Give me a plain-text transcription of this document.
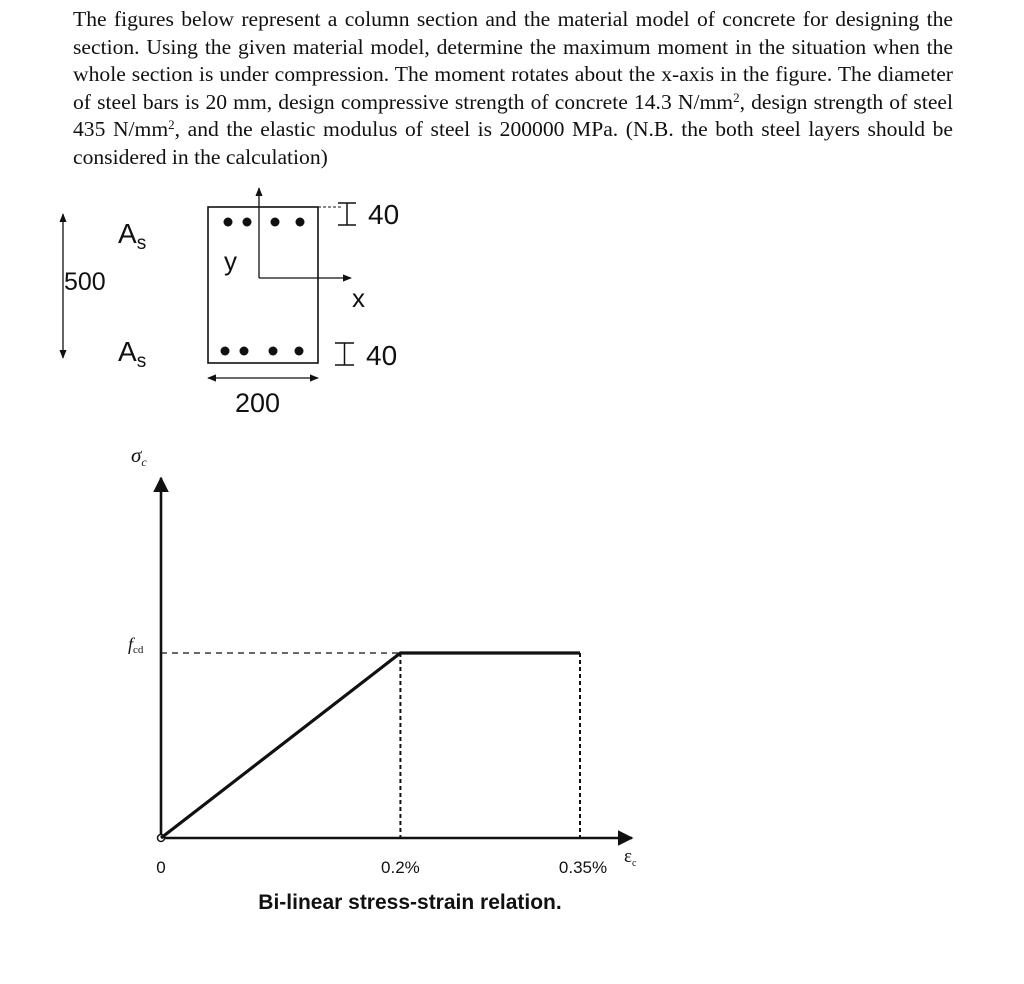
The figures below represent a column section and the material model of concrete for designing the section. Using the given material model, determine the maximum moment in the situation when the whole section is under compression. The moment rotates about the x-axis in the figure. The diameter of steel bars is 20 mm, design compressive strength of concrete 14.3 $N/mm^2$, design strength of steel 435 $N/mm^2$, and the elastic modulus of steel is 200000 MPa. (N.B. the both steel layers should be considered in the calculation)
500
$A_s$
$A_s$
y
x
40
40
200
σc
$\varepsilon_c$
fcd
0	0.2%	0.35%
Bi-linear stress-strain relation.
